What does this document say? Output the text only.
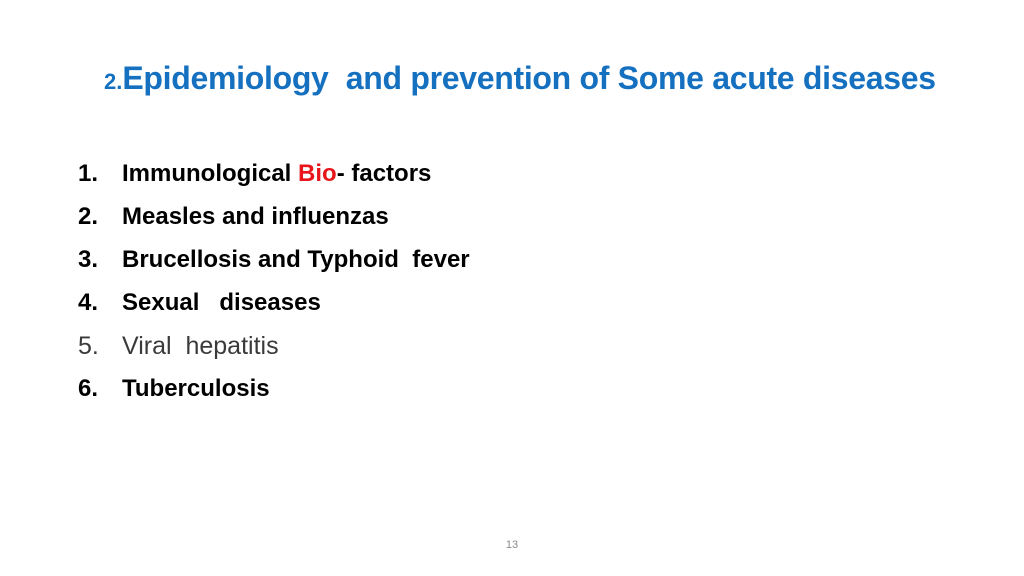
2.Epidemiology  and prevention of Some acute diseases
1. Immunological Bio- factors
2. Measles and influenzas
3. Brucellosis and Typhoid  fever
4. Sexual   diseases
5. Viral  hepatitis
6. Tuberculosis
13
